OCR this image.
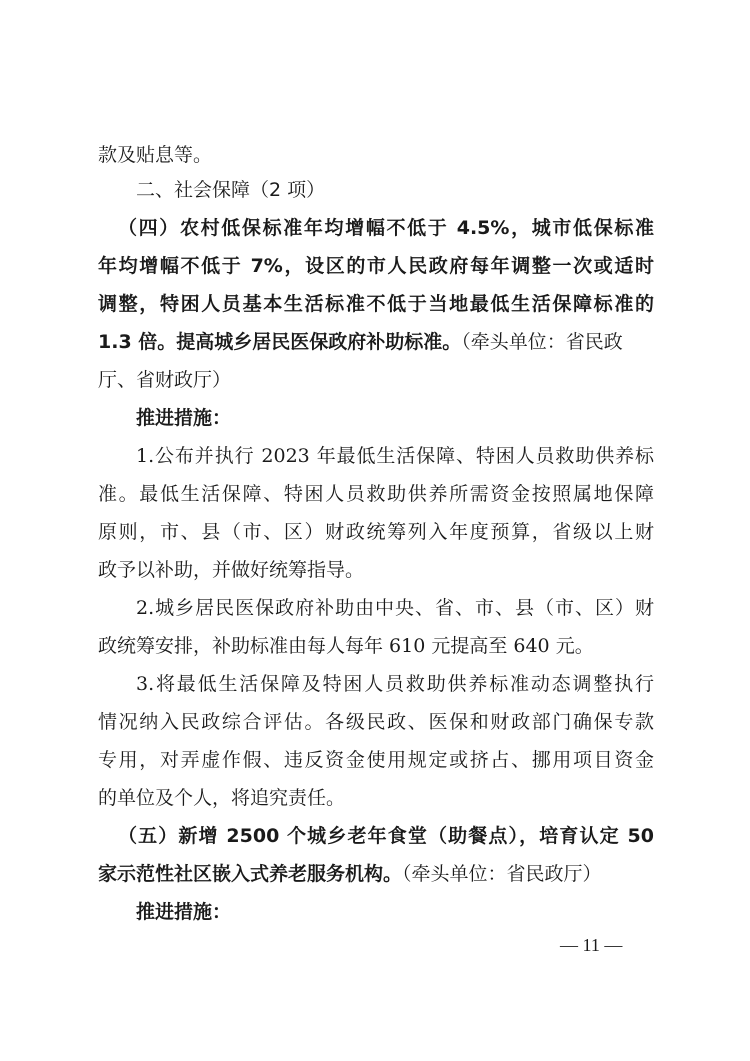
款及贴息等。
二、社会保障（2 项）
（四）农村低保标准年均增幅不低于 4.5%，城市低保标准
年均增幅不低于 7%，设区的市人民政府每年调整一次或适时
调整，特困人员基本生活标准不低于当地最低生活保障标准的
1.3 倍。提高城乡居民医保政府补助标准。（牵头单位：省民政
厅、省财政厅）
推进措施：
1.公布并执行 2023 年最低生活保障、特困人员救助供养标
准。最低生活保障、特困人员救助供养所需资金按照属地保障
原则，市、县（市、区）财政统筹列入年度预算，省级以上财
政予以补助，并做好统筹指导。
2.城乡居民医保政府补助由中央、省、市、县（市、区）财
政统筹安排，补助标准由每人每年 610 元提高至 640 元。
3.将最低生活保障及特困人员救助供养标准动态调整执行
情况纳入民政综合评估。各级民政、医保和财政部门确保专款
专用，对弄虚作假、违反资金使用规定或挤占、挪用项目资金
的单位及个人，将追究责任。
（五）新增 2500 个城乡老年食堂（助餐点），培育认定 50
家示范性社区嵌入式养老服务机构。（牵头单位：省民政厅）
推进措施：
— 11 —
